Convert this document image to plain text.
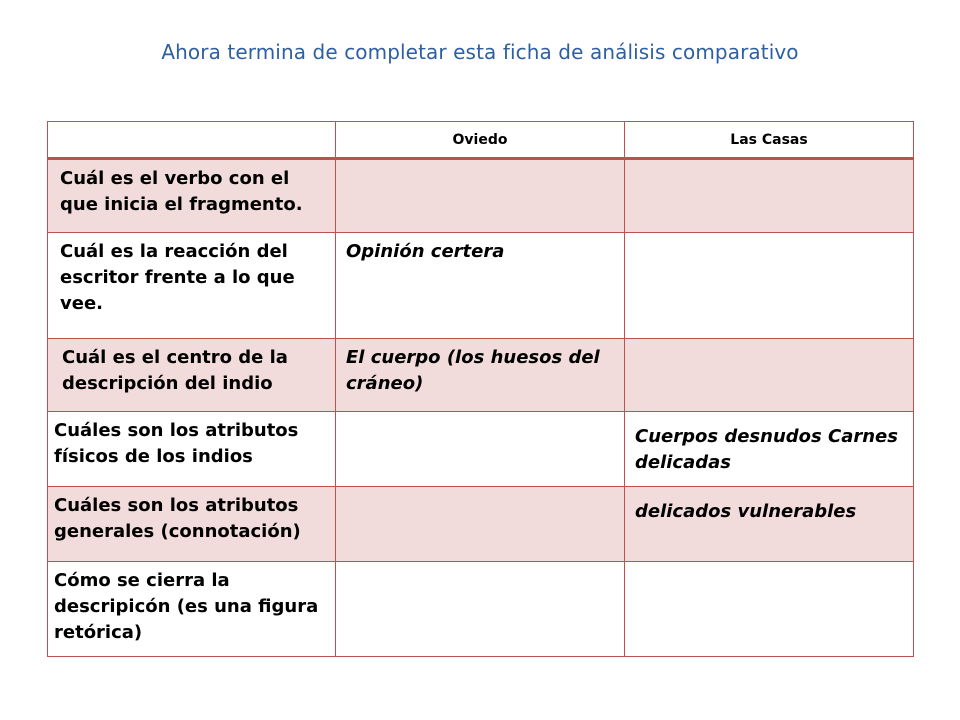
Ahora termina de completar esta ficha de análisis comparativo
	Oviedo	Las Casas
Cuál es el verbo con el que inicia el fragmento.		
Cuál es la reacción del escritor frente a lo que vee.	Opinión certera	
Cuál es el centro de la descripción del indio	El cuerpo (los huesos del cráneo)	
Cuáles son los atributos físicos de los indios		Cuerpos desnudos Carnes delicadas
Cuáles son los atributos generales (connotación)		delicados vulnerables
Cómo se cierra la descripicón (es una figura retórica)		
